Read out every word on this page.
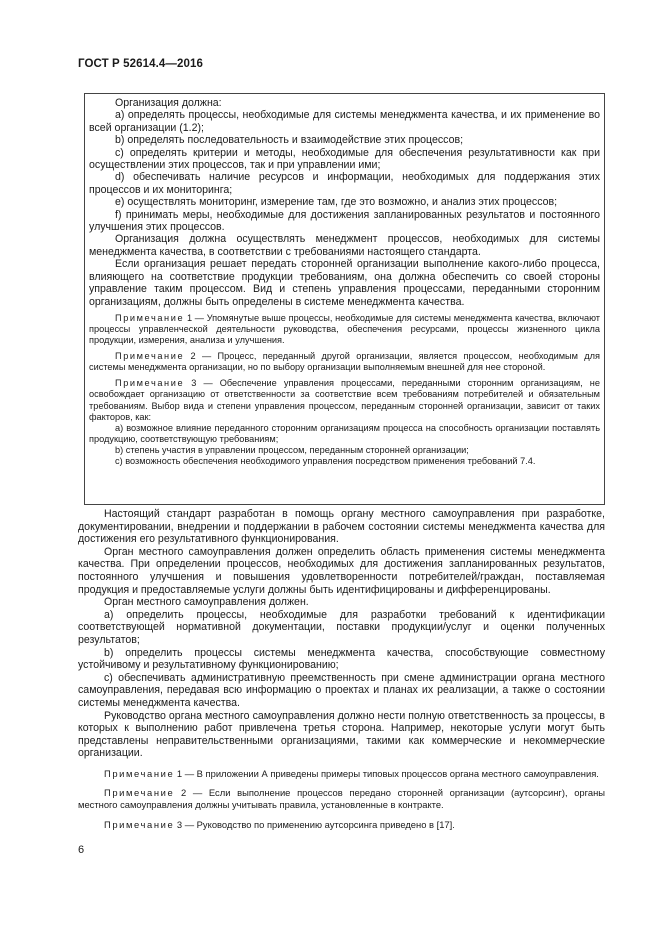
ГОСТ Р 52614.4—2016

Организация должна:

a) определять процессы, необходимые для системы менеджмента качества, и их применение во всей организации (1.2);

b) определять последовательность и взаимодействие этих процессов;

c) определять критерии и методы, необходимые для обеспечения результативности как при осуществлении этих процессов, так и при управлении ими;

d) обеспечивать наличие ресурсов и информации, необходимых для поддержания этих процессов и их мониторинга;

e) осуществлять мониторинг, измерение там, где это возможно, и анализ этих процессов;

f) принимать меры, необходимые для достижения запланированных результатов и постоянного улучшения этих процессов.

Организация должна осуществлять менеджмент процессов, необходимых для системы менеджмента качества, в соответствии с требованиями настоящего стандарта.

Если организация решает передать сторонней организации выполнение какого-либо процесса, влияющего на соответствие продукции требованиям, она должна обеспечить со своей стороны управление таким процессом. Вид и степень управления процессами, переданными сторонним организациям, должны быть определены в системе менеджмента качества.

Примечание 1 — Упомянутые выше процессы, необходимые для системы менеджмента качества, включают процессы управленческой деятельности руководства, обеспечения ресурсами, процессы жизненного цикла продукции, измерения, анализа и улучшения.

Примечание 2 — Процесс, переданный другой организации, является процессом, необходимым для системы менеджмента организации, но по выбору организации выполняемым внешней для нее стороной.

Примечание 3 — Обеспечение управления процессами, переданными сторонним организациям, не освобождает организацию от ответственности за соответствие всем требованиям потребителей и обязательным требованиям. Выбор вида и степени управления процессом, переданным сторонней организации, зависит от таких факторов, как:

a) возможное влияние переданного сторонним организациям процесса на способность организации поставлять продукцию, соответствующую требованиям;

b) степень участия в управлении процессом, переданным сторонней организации;

c) возможность обеспечения необходимого управления посредством применения требований 7.4.

Настоящий стандарт разработан в помощь органу местного самоуправления при разработке, документировании, внедрении и поддержании в рабочем состоянии системы менеджмента качества для достижения его результативного функционирования.

Орган местного самоуправления должен определить область применения системы менеджмента качества. При определении процессов, необходимых для достижения запланированных результатов, постоянного улучшения и повышения удовлетворенности потребителей/граждан, поставляемая продукция и предоставляемые услуги должны быть идентифицированы и дифференцированы.

Орган местного самоуправления должен.

a) определить процессы, необходимые для разработки требований к идентификации соответствующей нормативной документации, поставки продукции/услуг и оценки полученных результатов;

b) определить процессы системы менеджмента качества, способствующие совместному устойчивому и результативному функционированию;

c) обеспечивать административную преемственность при смене администрации органа местного самоуправления, передавая всю информацию о проектах и планах их реализации, а также о состоянии системы менеджмента качества.

Руководство органа местного самоуправления должно нести полную ответственность за процессы, в которых к выполнению работ привлечена третья сторона. Например, некоторые услуги могут быть представлены неправительственными организациями, такими как коммерческие и некоммерческие организации.

Примечание 1 — В приложении А приведены примеры типовых процессов органа местного самоуправления.

Примечание 2 — Если выполнение процессов передано сторонней организации (аутсорсинг), органы местного самоуправления должны учитывать правила, установленные в контракте.

Примечание 3 — Руководство по применению аутсорсинга приведено в [17].

6
